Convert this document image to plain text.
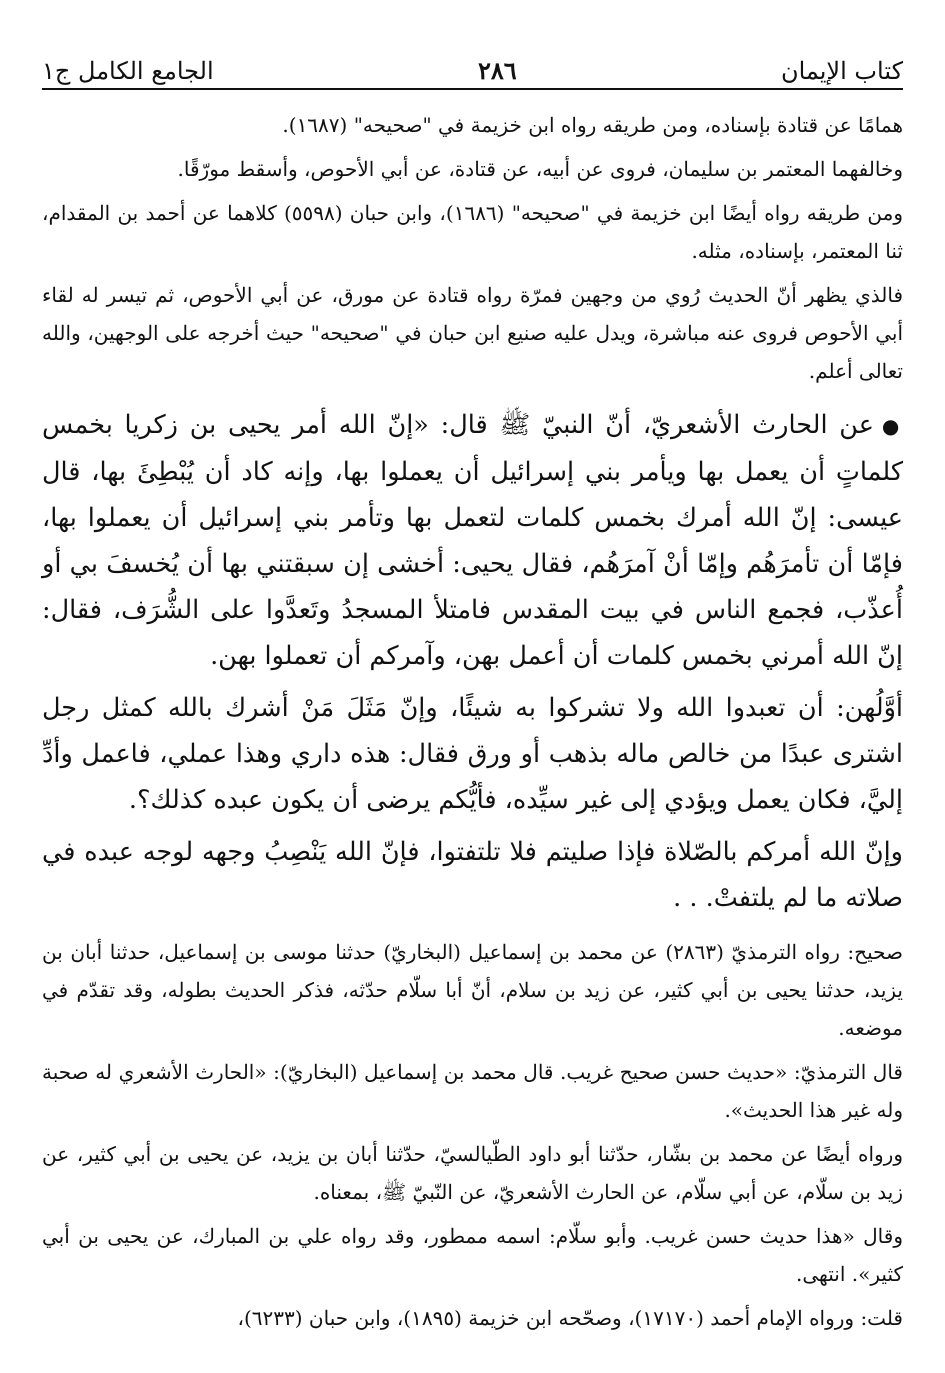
كتاب الإيمان
٢٨٦
الجامع الكامل ج١

همامًا عن قتادة بإسناده، ومن طريقه رواه ابن خزيمة في "صحيحه" (١٦٨٧).

وخالفهما المعتمر بن سليمان، فروى عن أبيه، عن قتادة، عن أبي الأحوص، وأسقط مورّقًا.

ومن طريقه رواه أيضًا ابن خزيمة في "صحيحه" (١٦٨٦)، وابن حبان (٥٥٩٨) كلاهما عن أحمد بن المقدام، ثنا المعتمر، بإسناده، مثله.

فالذي يظهر أنّ الحديث رُوي من وجهين فمرّة رواه قتادة عن مورق، عن أبي الأحوص، ثم تيسر له لقاء أبي الأحوص فروى عنه مباشرة، ويدل عليه صنيع ابن حبان في "صحيحه" حيث أخرجه على الوجهين، والله تعالى أعلم.

●عن الحارث الأشعريّ، أنّ النبيّ ﷺ قال: «إنّ الله أمر يحيى بن زكريا بخمس كلماتٍ أن يعمل بها ويأمر بني إسرائيل أن يعملوا بها، وإنه كاد أن يُبْطِئَ بها، قال عيسى: إنّ الله أمرك بخمس كلمات لتعمل بها وتأمر بني إسرائيل أن يعملوا بها، فإمّا أن تأمرَهُم وإمّا أنْ آمرَهُم، فقال يحيى: أخشى إن سبقتني بها أن يُخسفَ بي أو أُعذّب، فجمع الناس في بيت المقدس فامتلأ المسجدُ وتَعدَّوا على الشُّرَف، فقال: إنّ الله أمرني بخمس كلمات أن أعمل بهن، وآمركم أن تعملوا بهن.

أوَّلُهن: أن تعبدوا الله ولا تشركوا به شيئًا، وإنّ مَثَلَ مَنْ أشرك بالله كمثل رجل اشترى عبدًا من خالص ماله بذهب أو ورق فقال: هذه داري وهذا عملي، فاعمل وأدِّ إليَّ، فكان يعمل ويؤدي إلى غير سيِّده، فأيُّكم يرضى أن يكون عبده كذلك؟.

وإنّ الله أمركم بالصّلاة فإذا صليتم فلا تلتفتوا، فإنّ الله يَنْصِبُ وجهه لوجه عبده في صلاته ما لم يلتفتْ. . .

صحيح: رواه الترمذيّ (٢٨٦٣) عن محمد بن إسماعيل (البخاريّ) حدثنا موسى بن إسماعيل، حدثنا أبان بن يزيد، حدثنا يحيى بن أبي كثير، عن زيد بن سلام، أنّ أبا سلّام حدّثه، فذكر الحديث بطوله، وقد تقدّم في موضعه.

قال الترمذيّ: «حديث حسن صحيح غريب. قال محمد بن إسماعيل (البخاريّ): «الحارث الأشعري له صحبة وله غير هذا الحديث».

ورواه أيضًا عن محمد بن بشّار، حدّثنا أبو داود الطّيالسيّ، حدّثنا أبان بن يزيد، عن يحيى بن أبي كثير، عن زيد بن سلّام، عن أبي سلّام، عن الحارث الأشعريّ، عن النّبيّ ﷺ، بمعناه.

وقال «هذا حديث حسن غريب. وأبو سلّام: اسمه ممطور، وقد رواه علي بن المبارك، عن يحيى بن أبي كثير». انتهى.

قلت: ورواه الإمام أحمد (١٧١٧٠)، وصحّحه ابن خزيمة (١٨٩٥)، وابن حبان (٦٢٣٣)،
